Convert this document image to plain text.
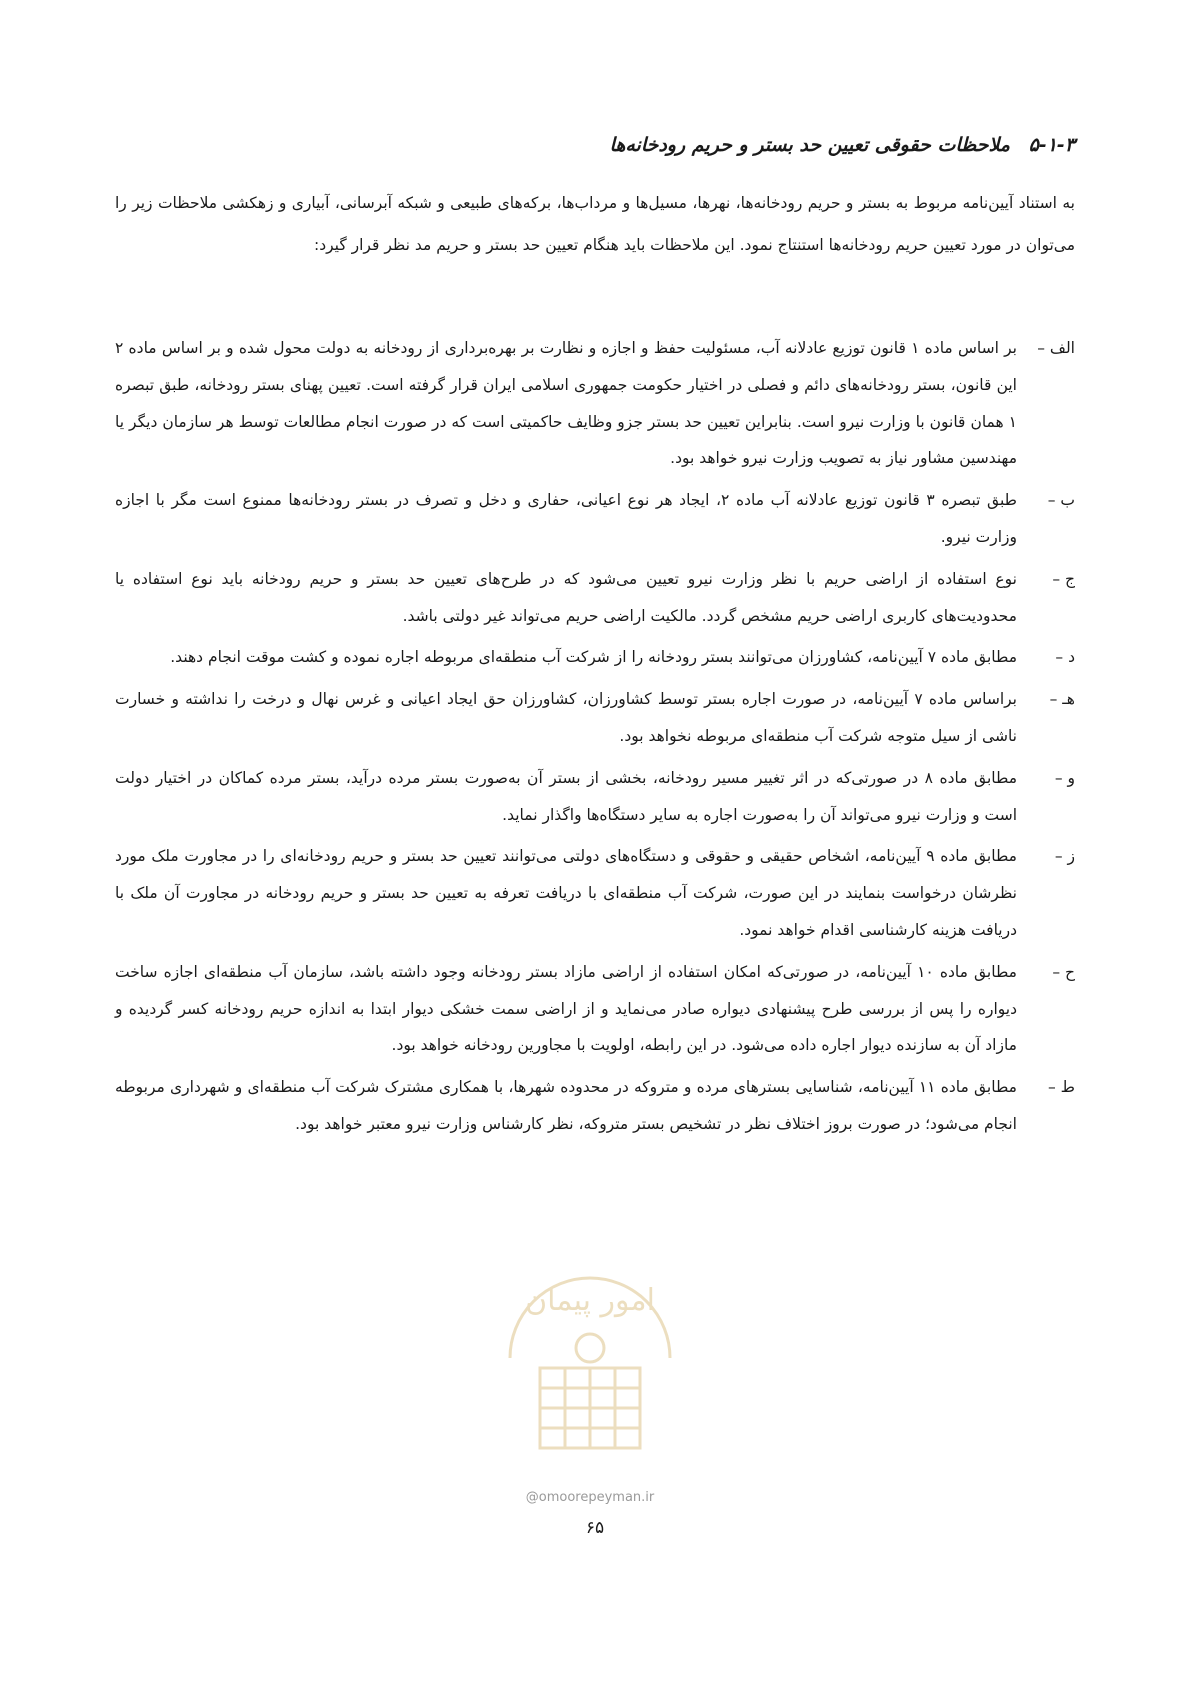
۵-۱-۳ ملاحظات حقوقی تعیین حد بستر و حریم رودخانه‌ها
به استناد آیین‌نامه مربوط به بستر و حریم رودخانه‌ها، نهرها، مسیل‌ها و مرداب‌ها، برکه‌های طبیعی و شبکه آبرسانی، آبیاری و زهکشی ملاحظات زیر را می‌توان در مورد تعیین حریم رودخانه‌ها استنتاج نمود. این ملاحظات باید هنگام تعیین حد بستر و حریم مد نظر قرار گیرد:
الف –
بر اساس ماده ۱ قانون توزیع عادلانه آب، مسئولیت حفظ و اجازه و نظارت بر بهره‌برداری از رودخانه به دولت محول شده و بر اساس ماده ۲ این قانون، بستر رودخانه‌های دائم و فصلی در اختیار حکومت جمهوری اسلامی ایران قرار گرفته است. تعیین پهنای بستر رودخانه، طبق تبصره ۱ همان قانون با وزارت نیرو است. بنابراین تعیین حد بستر جزو وظایف حاکمیتی است که در صورت انجام مطالعات توسط هر سازمان دیگر یا مهندسین مشاور نیاز به تصویب وزارت نیرو خواهد بود.
ب –
طبق تبصره ۳ قانون توزیع عادلانه آب ماده ۲، ایجاد هر نوع اعیانی، حفاری و دخل و تصرف در بستر رودخانه‌ها ممنوع است مگر با اجازه وزارت نیرو.
ج –
نوع استفاده از اراضی حریم با نظر وزارت نیرو تعیین می‌شود که در طرح‌های تعیین حد بستر و حریم رودخانه باید نوع استفاده یا محدودیت‌های کاربری اراضی حریم مشخص گردد. مالکیت اراضی حریم می‌تواند غیر دولتی باشد.
د –
مطابق ماده ۷ آیین‌نامه، کشاورزان می‌توانند بستر رودخانه را از شرکت آب منطقه‌ای مربوطه اجاره نموده و کشت موقت انجام دهند.
هـ –
براساس ماده ۷ آیین‌نامه، در صورت اجاره بستر توسط کشاورزان، کشاورزان حق ایجاد اعیانی و غرس نهال و درخت را نداشته و خسارت ناشی از سیل متوجه شرکت آب منطقه‌ای مربوطه نخواهد بود.
و –
مطابق ماده ۸ در صورتی‌که در اثر تغییر مسیر رودخانه، بخشی از بستر آن به‌صورت بستر مرده درآید، بستر مرده کماکان در اختیار دولت است و وزارت نیرو می‌تواند آن را به‌صورت اجاره به سایر دستگاه‌ها واگذار نماید.
ز –
مطابق ماده ۹ آیین‌نامه، اشخاص حقیقی و حقوقی و دستگاه‌های دولتی می‌توانند تعیین حد بستر و حریم رودخانه‌ای را در مجاورت ملک مورد نظرشان درخواست بنمایند در این صورت، شرکت آب منطقه‌ای با دریافت تعرفه به تعیین حد بستر و حریم رودخانه در مجاورت آن ملک با دریافت هزینه کارشناسی اقدام خواهد نمود.
ح –
مطابق ماده ۱۰ آیین‌نامه، در صورتی‌که امکان استفاده از اراضی مازاد بستر رودخانه وجود داشته باشد، سازمان آب منطقه‌ای اجازه ساخت دیواره را پس از بررسی طرح پیشنهادی دیواره صادر می‌نماید و از اراضی سمت خشکی دیوار ابتدا به اندازه حریم رودخانه کسر گردیده و مازاد آن به سازنده دیوار اجاره داده می‌شود. در این رابطه، اولویت با مجاورین رودخانه خواهد بود.
ط –
مطابق ماده ۱۱ آیین‌نامه، شناسایی بسترهای مرده و متروکه در محدوده شهرها، با همکاری مشترک شرکت آب منطقه‌ای و شهرداری مربوطه انجام می‌شود؛ در صورت بروز اختلاف نظر در تشخیص بستر متروکه، نظر کارشناس وزارت نیرو معتبر خواهد بود.
امور پیمان
@omoorepeyman.ir
۶۵
